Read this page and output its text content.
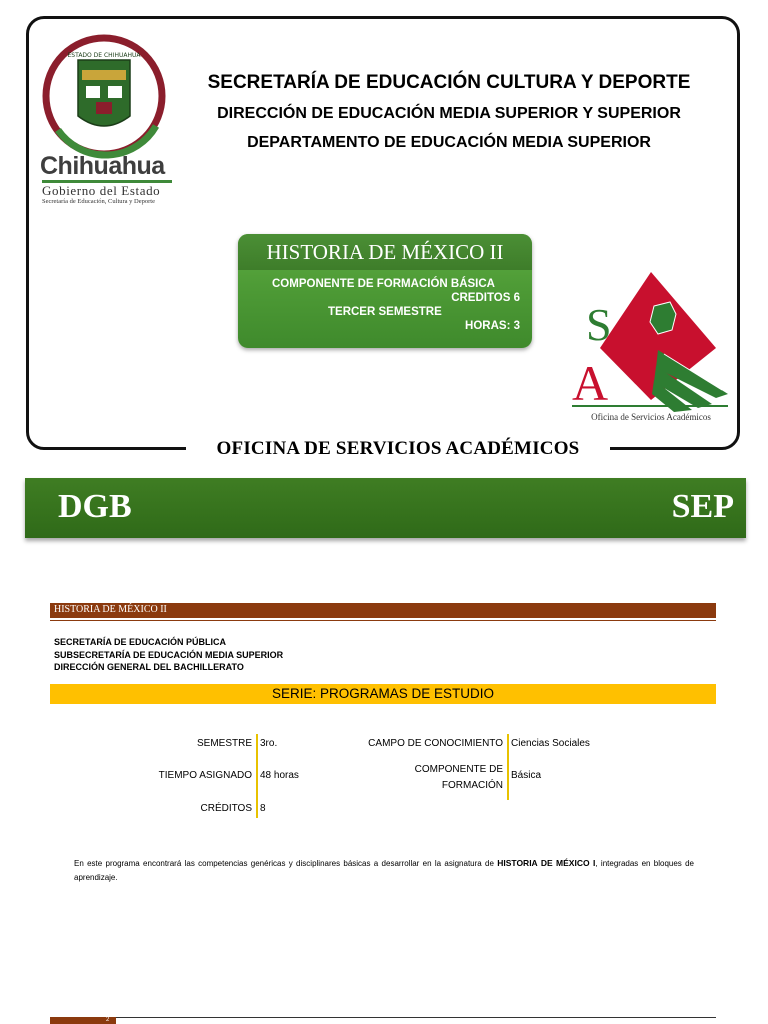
OFICINA DE SERVICIOS ACADÉMICOS
SECRETARÍA DE EDUCACIÓN CULTURA Y DEPORTE
DIRECCIÓN DE EDUCACIÓN MEDIA SUPERIOR Y SUPERIOR
DEPARTAMENTO DE EDUCACIÓN MEDIA SUPERIOR
ESTADO DE CHIHUAHUA
Chihuahua
Gobierno del Estado
Secretaría de Educación, Cultura y Deporte
HISTORIA DE MÉXICO II
COMPONENTE DE FORMACIÓN BÁSICA
CREDITOS 6
TERCER SEMESTRE
HORAS: 3 S
A
Oficina de Servicios Académicos
DGB	SEP
HISTORIA DE MÉXICO II
SECRETARÍA DE EDUCACIÓN PÚBLICA
SUBSECRETARÍA DE EDUCACIÓN MEDIA SUPERIOR
DIRECCIÓN GENERAL DEL BACHILLERATO
SERIE: PROGRAMAS DE ESTUDIO
SEMESTRE 3ro.
TIEMPO ASIGNADO 48 horas
CRÉDITOS 8
CAMPO DE CONOCIMIENTO Ciencias Sociales
COMPONENTE DE
FORMACIÓN
Básica
En este programa encontrará las competencias genéricas y disciplinares básicas a desarrollar en la asignatura de HISTORIA DE MÉXICO I, integradas en bloques de aprendizaje.
2
